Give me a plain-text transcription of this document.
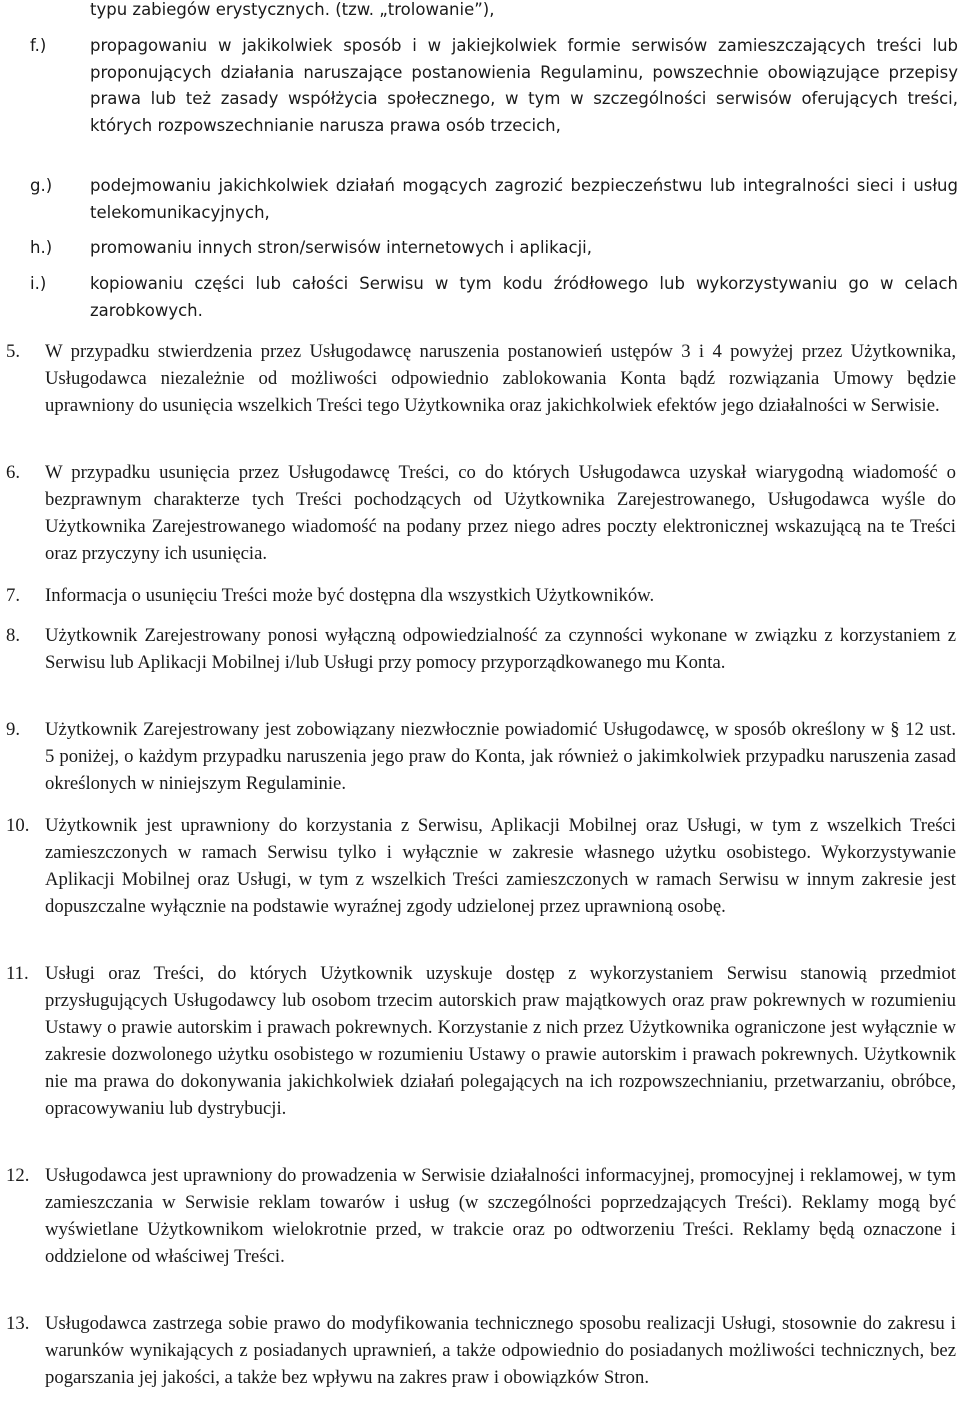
typu zabiegów erystycznych. (tzw. „trolowanie”),
f.)	propagowaniu w jakikolwiek sposób i w jakiejkolwiek formie serwisów zamieszczających treści lub proponujących działania naruszające postanowienia Regulaminu, powszechnie obowiązujące przepisy prawa lub też zasady współżycia społecznego, w tym w szczególności serwisów oferujących treści, których rozpowszechnianie narusza prawa osób trzecich,
g.) podejmowaniu jakichkolwiek działań mogących zagrozić bezpieczeństwu lub integralności sieci i usług telekomunikacyjnych,
h.) promowaniu innych stron/serwisów internetowych i aplikacji,
i.)	kopiowaniu części lub całości Serwisu w tym kodu źródłowego lub wykorzystywaniu go w celach zarobkowych.
5. W przypadku stwierdzenia przez Usługodawcę naruszenia postanowień ustępów 3 i 4 powyżej przez Użytkownika, Usługodawca niezależnie od możliwości odpowiednio zablokowania Konta bądź rozwiązania Umowy będzie uprawniony do usunięcia wszelkich Treści tego Użytkownika oraz jakichkolwiek efektów jego działalności w Serwisie.
6. W przypadku usunięcia przez Usługodawcę Treści, co do których Usługodawca uzyskał wiarygodną wiadomość o bezprawnym charakterze tych Treści pochodzących od Użytkownika Zarejestrowanego, Usługodawca wyśle do Użytkownika Zarejestrowanego wiadomość na podany przez niego adres poczty elektronicznej wskazującą na te Treści oraz przyczyny ich usunięcia.
7. Informacja o usunięciu Treści może być dostępna dla wszystkich Użytkowników.
8. Użytkownik Zarejestrowany ponosi wyłączną odpowiedzialność za czynności wykonane w związku z korzystaniem z Serwisu lub Aplikacji Mobilnej i/lub Usługi przy pomocy przyporządkowanego mu Konta.
9. Użytkownik Zarejestrowany jest zobowiązany niezwłocznie powiadomić Usługodawcę, w sposób określony w § 12 ust. 5 poniżej, o każdym przypadku naruszenia jego praw do Konta, jak również o jakimkolwiek przypadku naruszenia zasad określonych w niniejszym Regulaminie.
10. Użytkownik jest uprawniony do korzystania z Serwisu, Aplikacji Mobilnej oraz Usługi, w tym z wszelkich Treści zamieszczonych w ramach Serwisu tylko i wyłącznie w zakresie własnego użytku osobistego. Wykorzystywanie Aplikacji Mobilnej oraz Usługi, w tym z wszelkich Treści zamieszczonych w ramach Serwisu w innym zakresie jest dopuszczalne wyłącznie na podstawie wyraźnej zgody udzielonej przez uprawnioną osobę.
11. Usługi oraz Treści, do których Użytkownik uzyskuje dostęp z wykorzystaniem Serwisu stanowią przedmiot przysługujących Usługodawcy lub osobom trzecim autorskich praw majątkowych oraz praw pokrewnych w rozumieniu Ustawy o prawie autorskim i prawach pokrewnych. Korzystanie z nich przez Użytkownika ograniczone jest wyłącznie w zakresie dozwolonego użytku osobistego w rozumieniu Ustawy o prawie autorskim i prawach pokrewnych. Użytkownik nie ma prawa do dokonywania jakichkolwiek działań polegających na ich rozpowszechnianiu, przetwarzaniu, obróbce, opracowywaniu lub dystrybucji.
12. Usługodawca jest uprawniony do prowadzenia w Serwisie działalności informacyjnej, promocyjnej i reklamowej, w tym zamieszczania w Serwisie reklam towarów i usług (w szczególności poprzedzających Treści). Reklamy mogą być wyświetlane Użytkownikom wielokrotnie przed, w trakcie oraz po odtworzeniu Treści. Reklamy będą oznaczone i oddzielone od właściwej Treści.
13. Usługodawca zastrzega sobie prawo do modyfikowania technicznego sposobu realizacji Usługi, stosownie do zakresu i warunków wynikających z posiadanych uprawnień, a także odpowiednio do posiadanych możliwości technicznych, bez pogarszania jej jakości, a także bez wpływu na zakres praw i obowiązków Stron.
